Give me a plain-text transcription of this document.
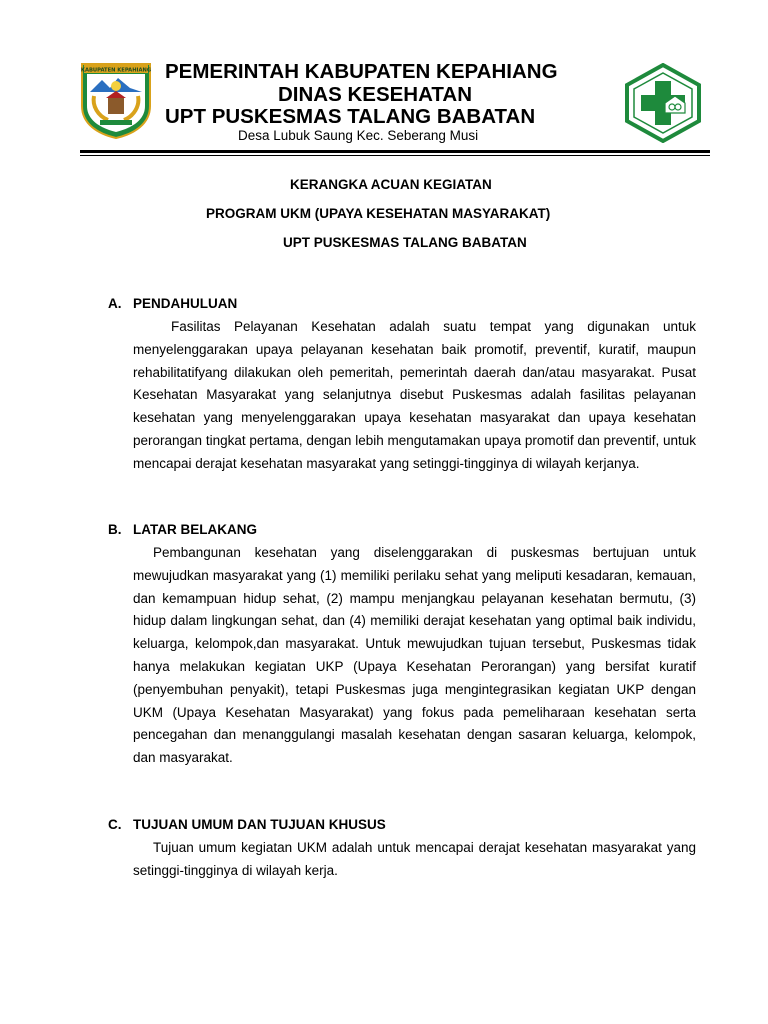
KABUPATEN KEPAHIANG PEMERINTAH KABUPATEN KEPAHIANG
DINAS KESEHATAN
UPT PUSKESMAS TALANG BABATAN
Desa Lubuk Saung Kec. Seberang Musi
KERANGKA ACUAN KEGIATAN
PROGRAM UKM (UPAYA KESEHATAN MASYARAKAT)
UPT PUSKESMAS TALANG BABATAN
A. PENDAHULUAN

Fasilitas Pelayanan Kesehatan adalah suatu tempat yang digunakan untuk menyelenggarakan upaya pelayanan kesehatan baik promotif, preventif, kuratif, maupun rehabilitatifyang dilakukan oleh pemeritah, pemerintah daerah dan/atau masyarakat. Pusat Kesehatan Masyarakat yang selanjutnya disebut Puskesmas adalah fasilitas pelayanan kesehatan yang menyelenggarakan upaya kesehatan masyarakat dan upaya kesehatan perorangan tingkat pertama, dengan lebih mengutamakan upaya promotif dan preventif, untuk mencapai derajat kesehatan masyarakat yang setinggi-tingginya di wilayah kerjanya.

B. LATAR BELAKANG

Pembangunan kesehatan yang diselenggarakan di puskesmas bertujuan untuk mewujudkan masyarakat yang (1) memiliki perilaku sehat yang meliputi kesadaran, kemauan, dan kemampuan hidup sehat, (2) mampu menjangkau pelayanan kesehatan bermutu, (3) hidup dalam lingkungan sehat, dan (4) memiliki derajat kesehatan yang optimal baik individu, keluarga, kelompok,dan masyarakat. Untuk mewujudkan tujuan tersebut, Puskesmas tidak hanya melakukan kegiatan UKP (Upaya Kesehatan Perorangan) yang bersifat kuratif (penyembuhan penyakit), tetapi Puskesmas juga mengintegrasikan kegiatan UKP dengan UKM (Upaya Kesehatan Masyarakat) yang fokus pada pemeliharaan kesehatan serta pencegahan dan menanggulangi masalah kesehatan dengan sasaran keluarga, kelompok, dan masyarakat.

C. TUJUAN UMUM DAN TUJUAN KHUSUS

Tujuan umum kegiatan UKM adalah untuk mencapai derajat kesehatan masyarakat yang setinggi-tingginya di wilayah kerja.
